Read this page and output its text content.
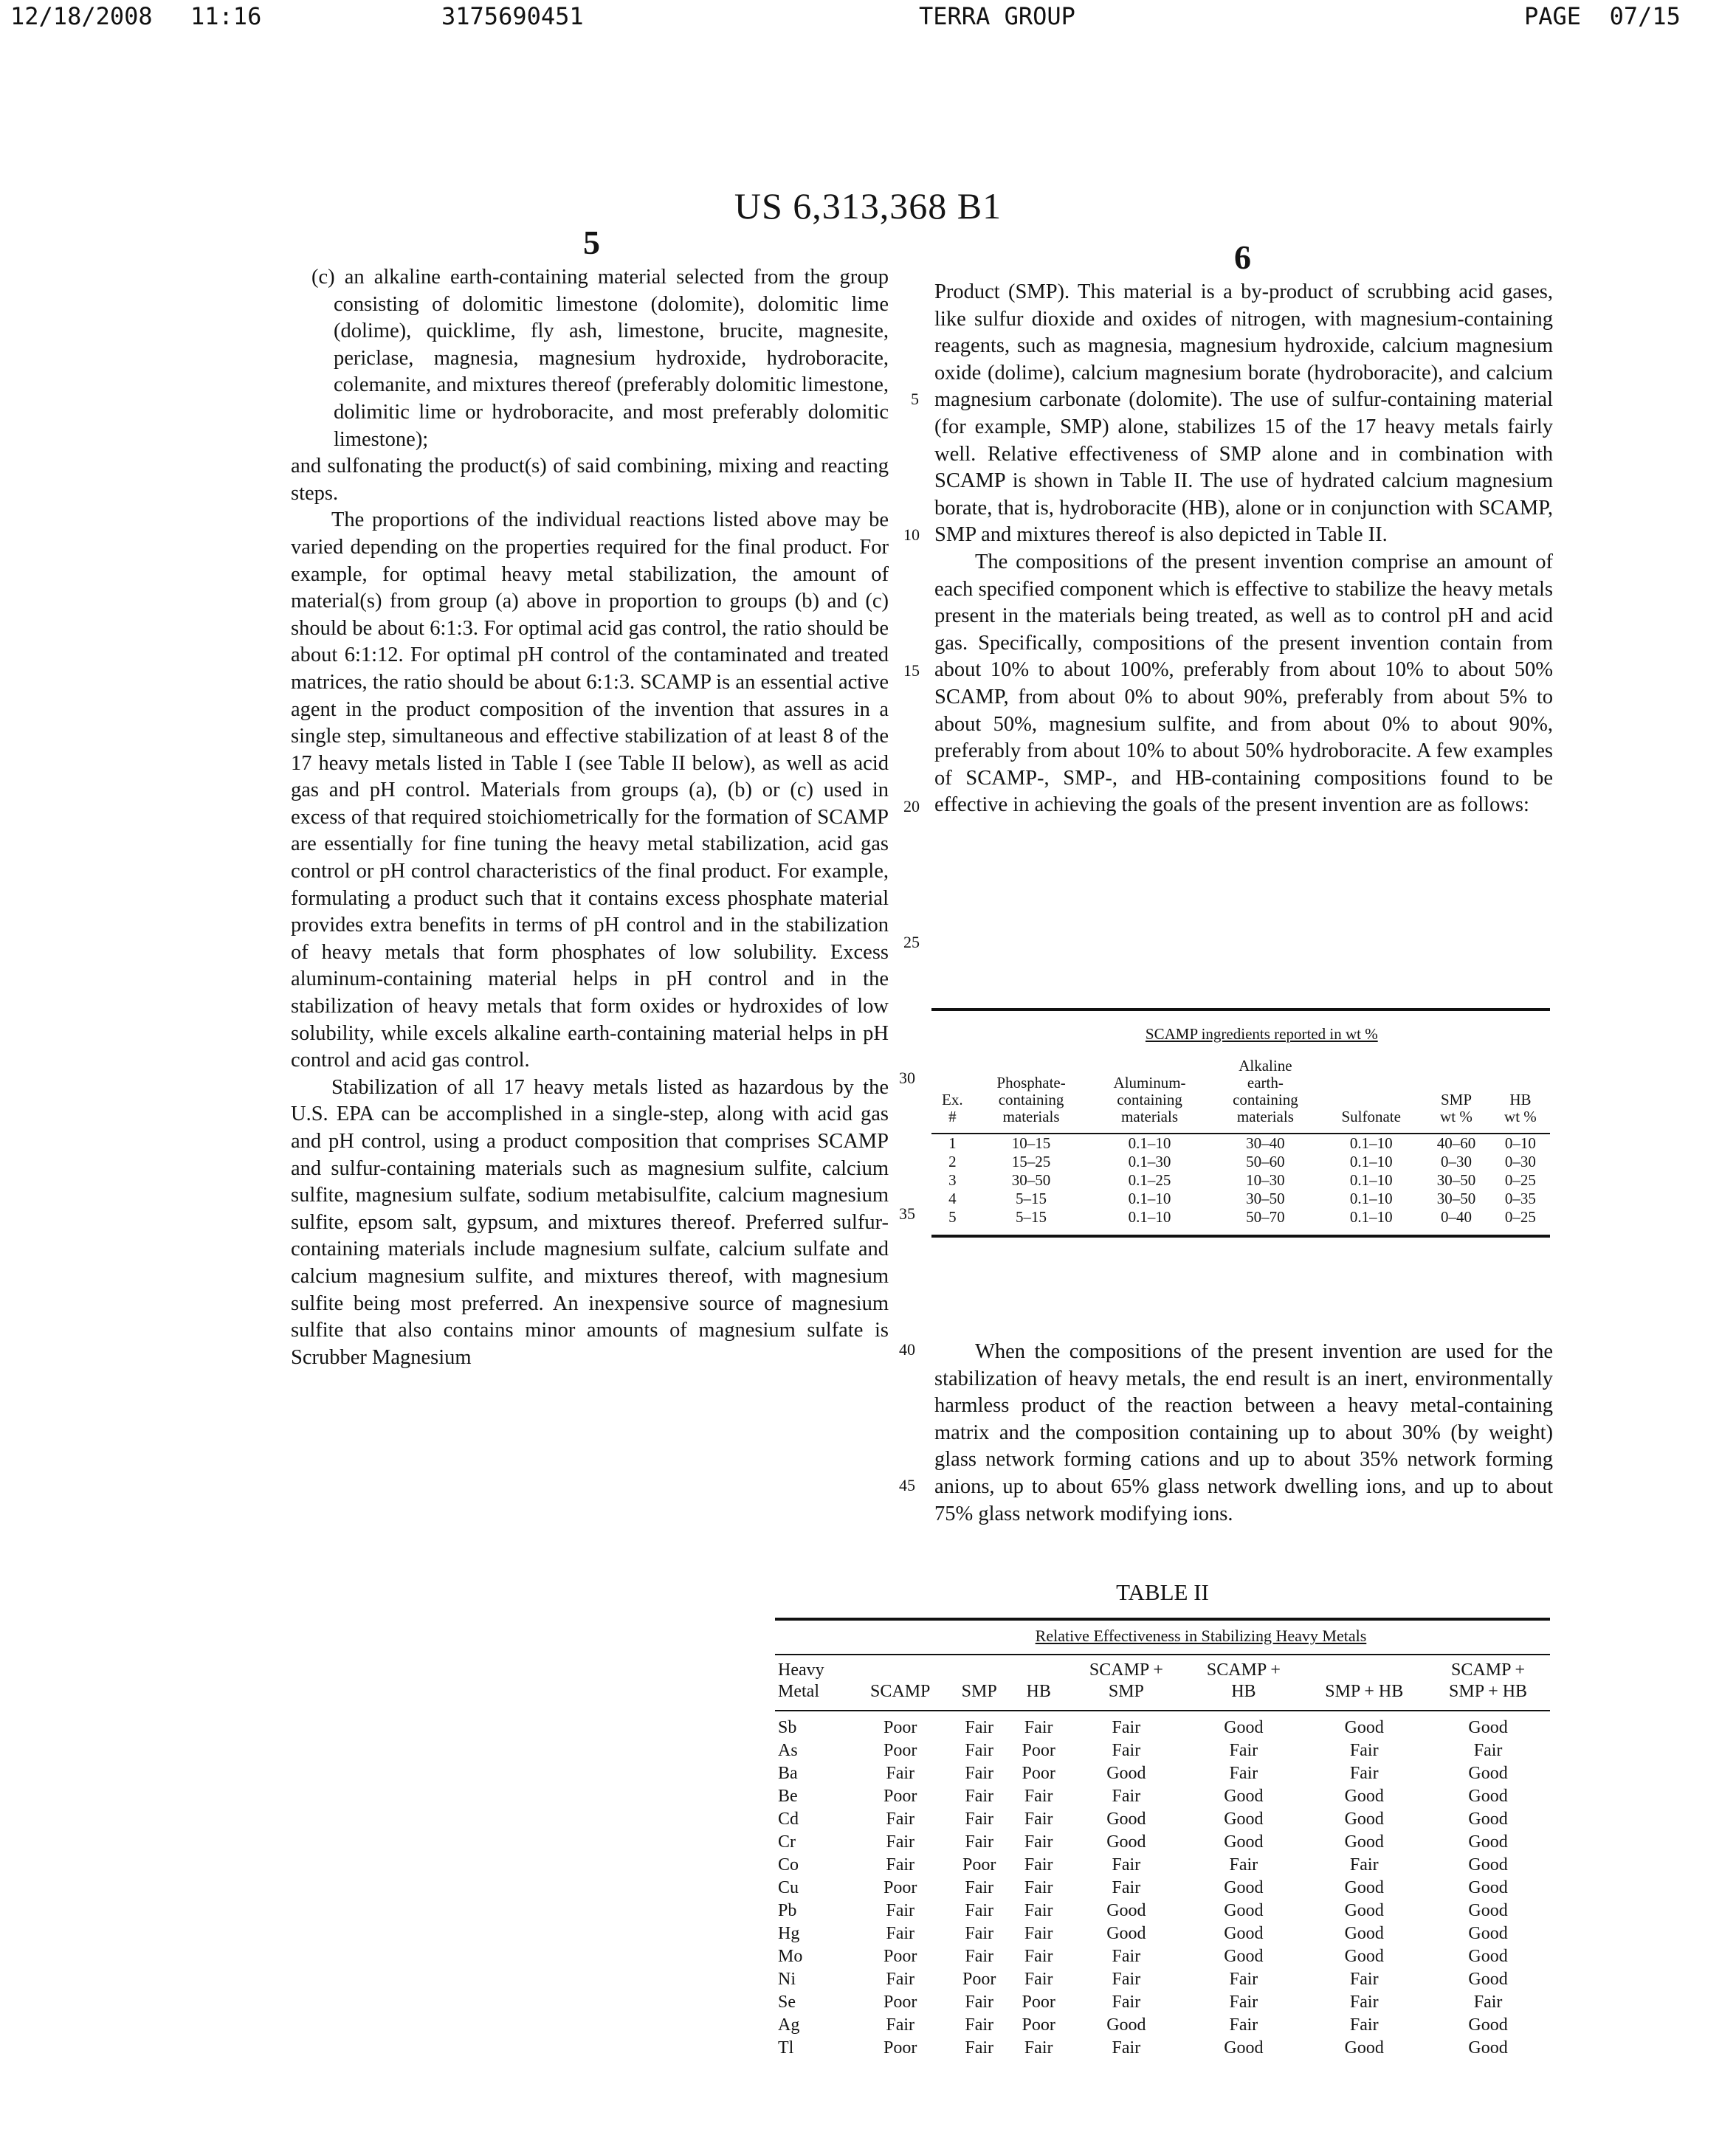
12/18/2008 11:16	3175690451	TERRA GROUP	PAGE  07/15
US 6,313,368 B1
5	6

(c) an alkaline earth-containing material selected from the group consisting of dolomitic limestone (dolomite), dolomitic lime (dolime), quicklime, fly ash, limestone, brucite, magnesite, periclase, magnesia, magnesium hydroxide, hydroboracite, colemanite, and mixtures thereof (preferably dolomitic limestone, dolimitic lime or hydroboracite, and most preferably dolomitic limestone);

and sulfonating the product(s) of said combining, mixing and reacting steps.

The proportions of the individual reactions listed above may be varied depending on the properties required for the final product. For example, for optimal heavy metal stabilization, the amount of material(s) from group (a) above in proportion to groups (b) and (c) should be about 6:1:3. For optimal acid gas control, the ratio should be about 6:1:12. For optimal pH control of the contaminated and treated matrices, the ratio should be about 6:1:3. SCAMP is an essential active agent in the product composition of the invention that assures in a single step, simultaneous and effective stabilization of at least 8 of the 17 heavy metals listed in Table I (see Table II below), as well as acid gas and pH control. Materials from groups (a), (b) or (c) used in excess of that required stoichiometrically for the formation of SCAMP are essentially for fine tuning the heavy metal stabilization, acid gas control or pH control characteristics of the final product. For example, formulating a product such that it contains excess phosphate material provides extra benefits in terms of pH control and in the stabilization of heavy metals that form phosphates of low solubility. Excess aluminum-containing material helps in pH control and in the stabilization of heavy metals that form oxides or hydroxides of low solubility, while excels alkaline earth-containing material helps in pH control and acid gas control.

Stabilization of all 17 heavy metals listed as hazardous by the U.S. EPA can be accomplished in a single-step, along with acid gas and pH control, using a product composition that comprises SCAMP and sulfur-containing materials such as magnesium sulfite, calcium sulfite, magnesium sulfate, sodium metabisulfite, calcium magnesium sulfite, epsom salt, gypsum, and mixtures thereof. Preferred sulfur-containing materials include magnesium sulfate, calcium sulfate and calcium magnesium sulfite, and mixtures thereof, with magnesium sulfite being most preferred. An inexpensive source of magnesium sulfite that also contains minor amounts of magnesium sulfate is Scrubber Magnesium

5
10
15
20
25
30
35
40
45

Product (SMP). This material is a by-product of scrubbing acid gases, like sulfur dioxide and oxides of nitrogen, with magnesium-containing reagents, such as magnesia, magnesium hydroxide, calcium magnesium oxide (dolime), calcium magnesium borate (hydroboracite), and calcium magnesium carbonate (dolomite). The use of sulfur-containing material (for example, SMP) alone, stabilizes 15 of the 17 heavy metals fairly well. Relative effectiveness of SMP alone and in combination with SCAMP is shown in Table II. The use of hydrated calcium magnesium borate, that is, hydroboracite (HB), alone or in conjunction with SCAMP, SMP and mixtures thereof is also depicted in Table II.

The compositions of the present invention comprise an amount of each specified component which is effective to stabilize the heavy metals present in the materials being treated, as well as to control pH and acid gas. Specifically, compositions of the present invention contain from about 10% to about 100%, preferably from about 10% to about 50% SCAMP, from about 0% to about 90%, preferably from about 5% to about 50%, magnesium sulfite, and from about 0% to about 90%, preferably from about 10% to about 50% hydroboracite. A few examples of SCAMP-, SMP-, and HB-containing compositions found to be effective in achieving the goals of the present invention are as follows:

	SCAMP ingredients reported in wt %					
Ex.
#	Phosphate-
containing
materials	Aluminum-
containing
materials	Alkaline
earth-
containing
materials	Sulfonate	SMP
wt %	HB
wt %
1	10–15	0.1–10	30–40	0.1–10	40–60	0–10
2	15–25	0.1–30	50–60	0.1–10	0–30	0–30
3	30–50	0.1–25	10–30	0.1–10	30–50	0–25
4	5–15	0.1–10	30–50	0.1–10	30–50	0–35
5	5–15	0.1–10	50–70	0.1–10	0–40	0–25

When the compositions of the present invention are used for the stabilization of heavy metals, the end result is an inert, environmentally harmless product of the reaction between a heavy metal-containing matrix and the composition containing up to about 30% (by weight) glass network forming cations and up to about 35% network forming anions, up to about 65% glass network dwelling ions, and up to about 75% glass network modifying ions.

TABLE II
	Relative Effectiveness in Stabilizing Heavy Metals						
Heavy
Metal	SCAMP	SMP	HB	SCAMP +
SMP	SCAMP +
HB	SMP + HB	SCAMP +
SMP + HB
Sb	Poor	Fair	Fair	Fair	Good	Good	Good
As	Poor	Fair	Poor	Fair	Fair	Fair	Fair
Ba	Fair	Fair	Poor	Good	Fair	Fair	Good
Be	Poor	Fair	Fair	Fair	Good	Good	Good
Cd	Fair	Fair	Fair	Good	Good	Good	Good
Cr	Fair	Fair	Fair	Good	Good	Good	Good
Co	Fair	Poor	Fair	Fair	Fair	Fair	Good
Cu	Poor	Fair	Fair	Fair	Good	Good	Good
Pb	Fair	Fair	Fair	Good	Good	Good	Good
Hg	Fair	Fair	Fair	Good	Good	Good	Good
Mo	Poor	Fair	Fair	Fair	Good	Good	Good
Ni	Fair	Poor	Fair	Fair	Fair	Fair	Good
Se	Poor	Fair	Poor	Fair	Fair	Fair	Fair
Ag	Fair	Fair	Poor	Good	Fair	Fair	Good
Tl	Poor	Fair	Fair	Fair	Good	Good	Good
